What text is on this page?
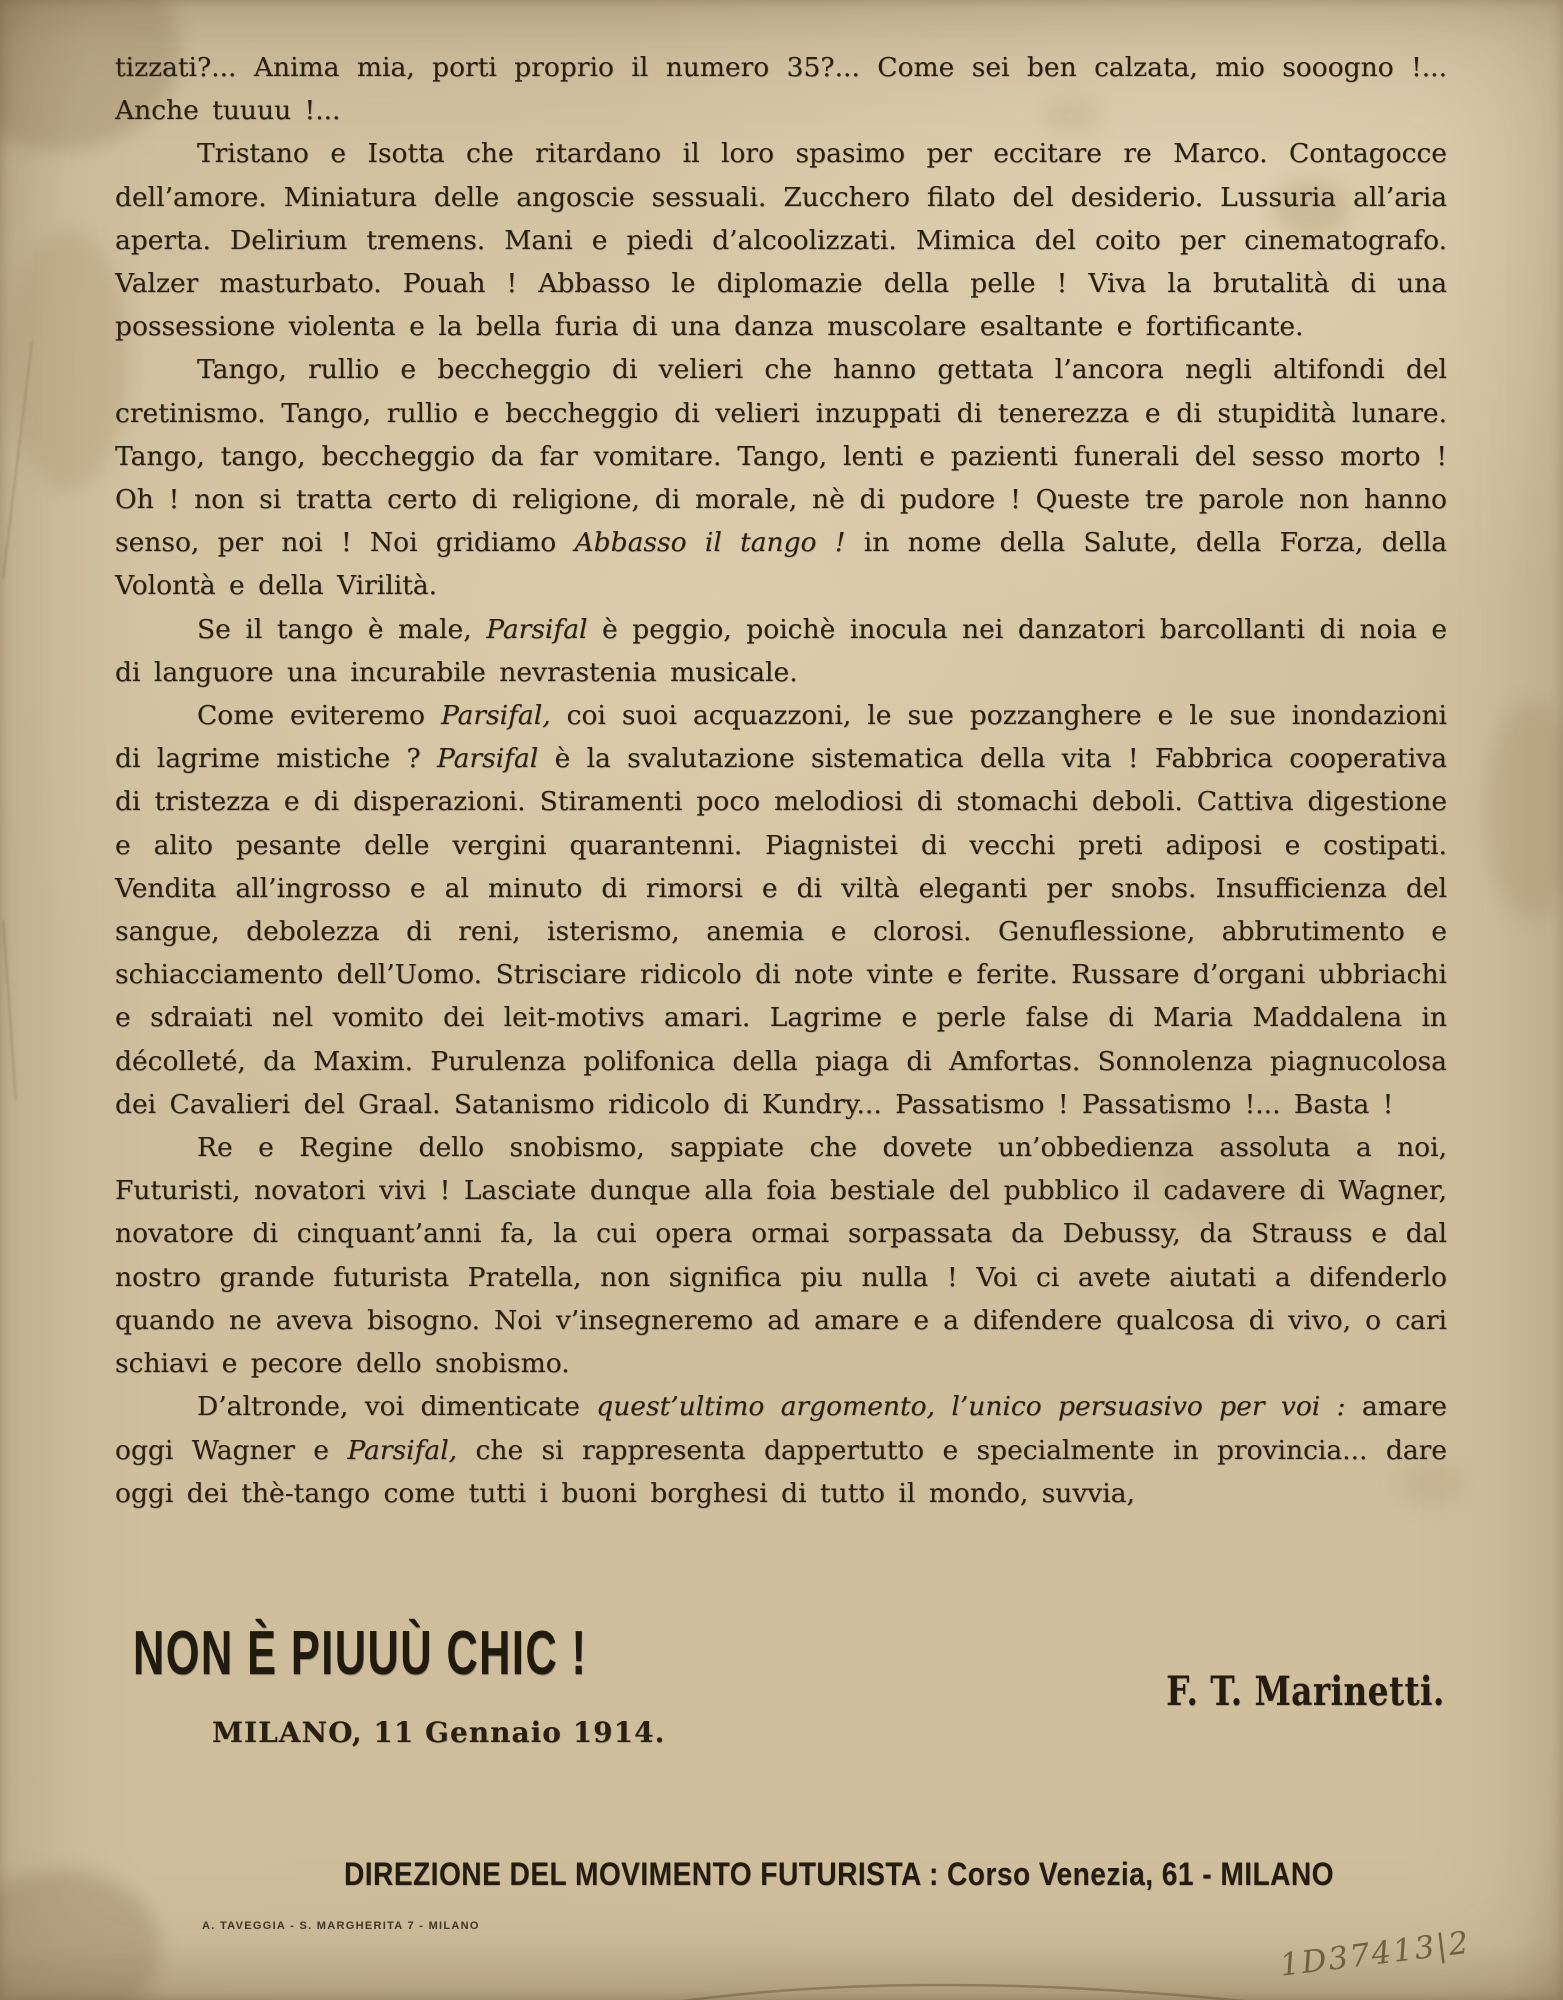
tizzati?... Anima mia, porti proprio il numero 35?... Come sei ben calzata, mio sooogno !... Anche tuuuu !...

Tristano e Isotta che ritardano il loro spasimo per eccitare re Marco. Contagocce dell’amore. Miniatura delle angoscie sessuali. Zucchero filato del desiderio. Lussuria all’aria aperta. Delirium tremens. Mani e piedi d’alcoolizzati. Mimica del coito per cinematografo. Valzer masturbato. Pouah ! Abbasso le diplomazie della pelle ! Viva la brutalità di una possessione violenta e la bella furia di una danza muscolare esaltante e fortificante.

Tango, rullio e beccheggio di velieri che hanno gettata l’ancora negli altifondi del cretinismo. Tango, rullio e beccheggio di velieri inzuppati di tenerezza e di stupidità lunare. Tango, tango, beccheggio da far vomitare. Tango, lenti e pazienti funerali del sesso morto ! Oh ! non si tratta certo di religione, di morale, nè di pudore ! Queste tre parole non hanno senso, per noi ! Noi gridiamo Abbasso il tango ! in nome della Salute, della Forza, della Volontà e della Virilità.

Se il tango è male, Parsifal è peggio, poichè inocula nei danzatori barcollanti di noia e di languore una incurabile nevrastenia musicale.

Come eviteremo Parsifal, coi suoi acquazzoni, le sue pozzanghere e le sue inondazioni di lagrime mistiche ? Parsifal è la svalutazione sistematica della vita ! Fabbrica cooperativa di tristezza e di disperazioni. Stiramenti poco melodiosi di stomachi deboli. Cattiva digestione e alito pesante delle vergini quarantenni. Piagnistei di vecchi preti adiposi e costipati. Vendita all’ingrosso e al minuto di rimorsi e di viltà eleganti per snobs. Insufficienza del sangue, debolezza di reni, isterismo, anemia e clorosi. Genuflessione, abbrutimento e schiacciamento dell’Uomo. Strisciare ridicolo di note vinte e ferite. Russare d’organi ubbriachi e sdraiati nel vomito dei leit-motivs amari. Lagrime e perle false di Maria Maddalena in décolleté, da Maxim. Purulenza polifonica della piaga di Amfortas. Sonnolenza piagnucolosa dei Cavalieri del Graal. Satanismo ridicolo di Kundry... Passatismo ! Passatismo !... Basta !

Re e Regine dello snobismo, sappiate che dovete un’obbedienza assoluta a noi, Futuristi, novatori vivi ! Lasciate dunque alla foia bestiale del pubblico il cadavere di Wagner, novatore di cinquant’anni fa, la cui opera ormai sorpassata da Debussy, da Strauss e dal nostro grande futurista Pratella, non significa piu nulla ! Voi ci avete aiutati a difenderlo quando ne aveva bisogno. Noi v’insegneremo ad amare e a difendere qualcosa di vivo, o cari schiavi e pecore dello snobismo.

D’altronde, voi dimenticate quest’ultimo argomento, l’unico persuasivo per voi : amare oggi Wagner e Parsifal, che si rappresenta dappertutto e specialmente in provincia... dare oggi dei thè-tango come tutti i buoni borghesi di tutto il mondo, suvvia,

NON È PIUUÙ CHIC !
F. T. Marinetti.
MILANO, 11 Gennaio 1914.
DIREZIONE DEL MOVIMENTO FUTURISTA : Corso Venezia, 61 - MILANO
A. TAVEGGIA - S. MARGHERITA 7 - MILANO	1D37413|2
